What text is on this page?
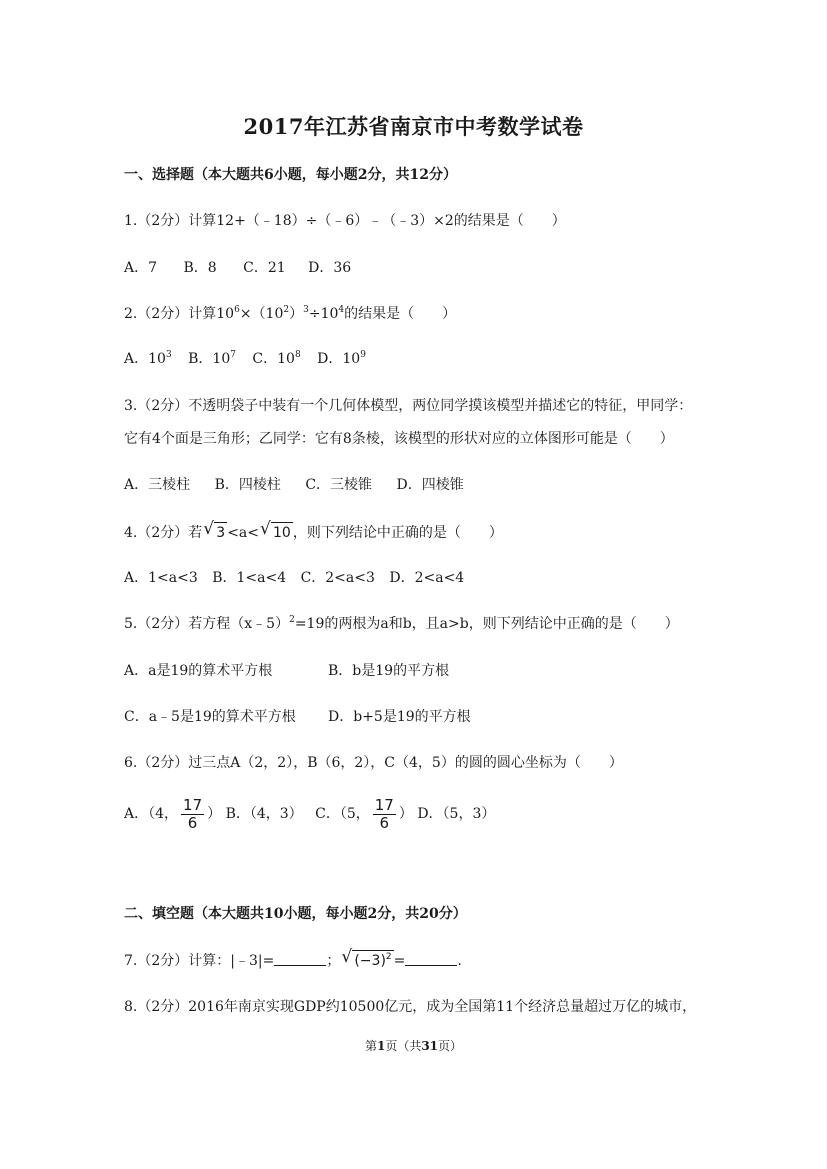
2017年江苏省南京市中考数学试卷
一、选择题（本大题共6小题，每小题2分，共12分）
1.（2分）计算12+（﹣18）÷（﹣6）﹣（﹣3）×2的结果是（　　）
A．7 B．8 C．21 D．36
2.（2分）计算$10^6\times(10^2)^3\div 10^4$的结果是（　　）
A．$10^3$ B．$10^7$ C．$10^8$ D．$10^9$
3.（2分）不透明袋子中装有一个几何体模型，两位同学摸该模型并描述它的特征，甲同学：
它有4个面是三角形；乙同学：它有8条棱，该模型的形状对应的立体图形可能是（　　）
A．三棱柱 B．四棱柱 C．三棱锥 D．四棱锥
4.（2分）若 √ 3 <a< √ 10 ，则下列结论中正确的是（　　）
A．1<a<3 B．1<a<4 C．2<a<3 D．2<a<4
5.（2分）若方程（x﹣5）$^2$=19的两根为a和b，且a>b，则下列结论中正确的是（　　）
A．a是19的算术平方根	B．b是19的平方根
C．a﹣5是19的算术平方根 D．b+5是19的平方根
6.（2分）过三点A（2，2），B（6，2），C（4，5）的圆的圆心坐标为（　　）
A．（4， $\frac{17}{6}$ ） B．（4，3） C．（5， $\frac{17}{6}$ ） D．（5，3）
二、填空题（本大题共10小题，每小题2分，共20分）
7.（2分）计算：|﹣3|=	； √ $(-3)^2$ =	.
8.（2分）2016年南京实现GDP约10500亿元，成为全国第11个经济总量超过万亿的城市，
第1页（共31页）
